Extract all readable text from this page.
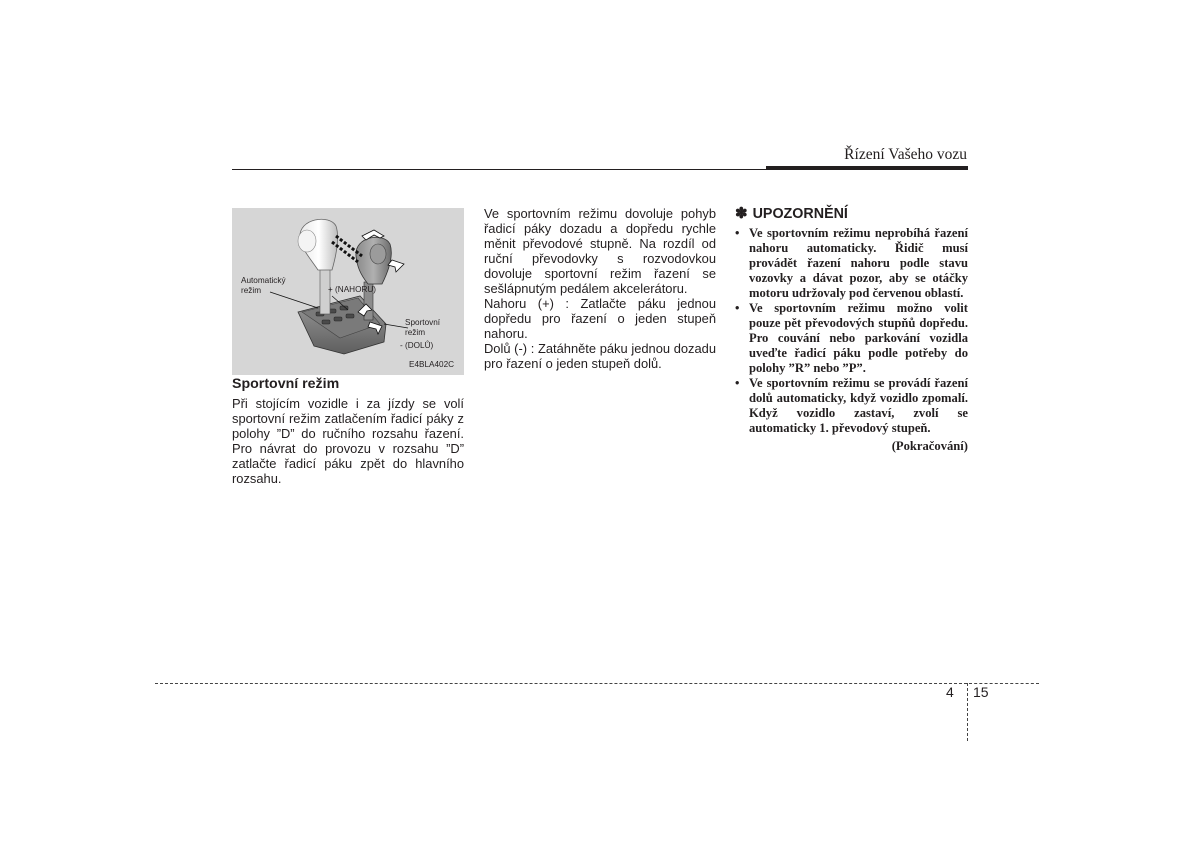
Řízení Vašeho vozu
Automatický
režim	+ (NAHORU)
Sportovní
režim
- (DOLŮ)
E4BLA402C
Sportovní režim

Při stojícím vozidle i za jízdy se volí sportovní režim zatlačením řadicí páky z polohy ”D” do ručního rozsahu řazení. Pro návrat do provozu v rozsahu ”D” zatlačte řadicí páku zpět do hlavního rozsahu.

Ve sportovním režimu dovoluje pohyb řadicí páky dozadu a dopředu rychle měnit převodové stupně. Na rozdíl od ruční převodovky s rozvodovkou dovoluje sportovní režim řazení se sešlápnutým pedálem akcelerátoru.

Nahoru (+) : Zatlačte páku jednou dopředu pro řazení o jeden stupeň nahoru.

Dolů (-) : Zatáhněte páku jednou dozadu pro řazení o jeden stupeň dolů.

✽ UPOZORNĚNÍ
• Ve sportovním režimu neprobíhá řazení nahoru automaticky. Řidič musí provádět řazení nahoru podle stavu vozovky a dávat pozor, aby se otáčky motoru udržovaly pod červenou oblastí.
• Ve sportovním režimu možno volit pouze pět převodových stupňů dopředu. Pro couvání nebo parkování vozidla uveďte řadicí páku podle potřeby do polohy ”R” nebo ”P”.
• Ve sportovním režimu se provádí řazení dolů automaticky, když vozidlo zpomalí. Když vozidlo zastaví, zvolí se automaticky 1. převodový stupeň.
(Pokračování)
4 15
